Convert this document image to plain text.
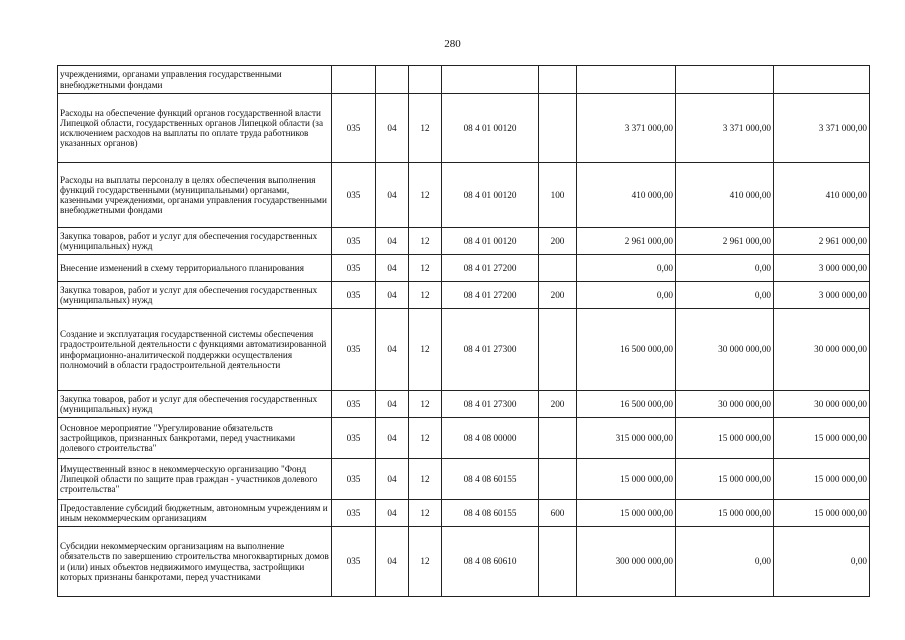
280
учреждениями, органами управления государственными внебюджетными фондами								
Расходы на обеспечение функций органов государственной власти Липецкой области, государственных органов Липецкой области (за исключением расходов на выплаты по оплате труда работников указанных органов)	035	04	12	08 4 01 00120		3 371 000,00	3 371 000,00	3 371 000,00
Расходы на выплаты персоналу в целях обеспечения выполнения функций государственными (муниципальными) органами, казенными учреждениями, органами управления государственными внебюджетными фондами	035	04	12	08 4 01 00120	100	410 000,00	410 000,00	410 000,00
Закупка товаров, работ и услуг для обеспечения государственных (муниципальных) нужд	035	04	12	08 4 01 00120	200	2 961 000,00	2 961 000,00	2 961 000,00
Внесение изменений в схему территориального планирования	035	04	12	08 4 01 27200		0,00	0,00	3 000 000,00
Закупка товаров, работ и услуг для обеспечения государственных (муниципальных) нужд	035	04	12	08 4 01 27200	200	0,00	0,00	3 000 000,00
Создание и эксплуатация государственной системы обеспечения градостроительной деятельности с функциями автоматизированной информационно-аналитической поддержки осуществления полномочий в области градостроительной деятельности	035	04	12	08 4 01 27300		16 500 000,00	30 000 000,00	30 000 000,00
Закупка товаров, работ и услуг для обеспечения государственных (муниципальных) нужд	035	04	12	08 4 01 27300	200	16 500 000,00	30 000 000,00	30 000 000,00
Основное мероприятие "Урегулирование обязательств застройщиков, признанных банкротами, перед участниками долевого строительства"	035	04	12	08 4 08 00000		315 000 000,00	15 000 000,00	15 000 000,00
Имущественный взнос в некоммерческую организацию "Фонд Липецкой области по защите прав граждан - участников долевого строительства"	035	04	12	08 4 08 60155		15 000 000,00	15 000 000,00	15 000 000,00
Предоставление субсидий бюджетным, автономным учреждениям и иным некоммерческим организациям	035	04	12	08 4 08 60155	600	15 000 000,00	15 000 000,00	15 000 000,00
Субсидии некоммерческим организациям на выполнение обязательств по завершению строительства многоквартирных домов и (или) иных объектов недвижимого имущества, застройщики которых признаны банкротами, перед участниками	035	04	12	08 4 08 60610		300 000 000,00	0,00	0,00
